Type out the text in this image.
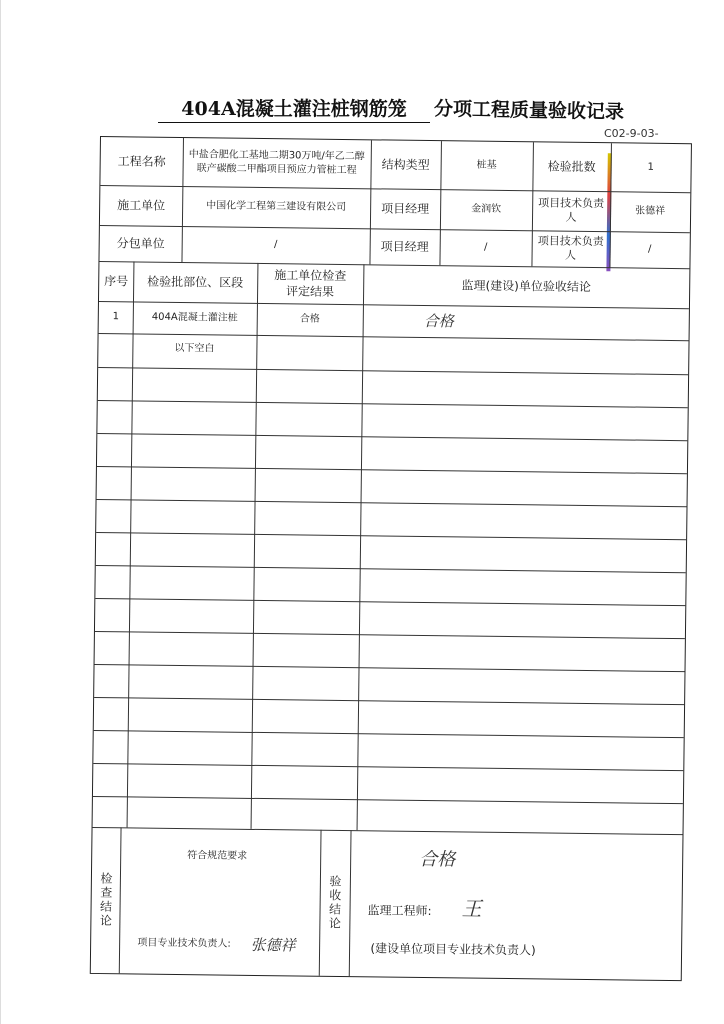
404A混凝土灌注桩钢筋笼	分项工程质量验收记录
C02-9-03-
工程名称	中盐合肥化工基地二期30万吨/年乙二醇联产碳酸二甲酯项目预应力管桩工程	结构类型	桩基	检验批数	1
施工单位	中国化学工程第三建设有限公司	项目经理	金润钦	项目技术负责人	张德祥
分包单位	/	项目经理	/	项目技术负责人	/
序号	检验批部位、区段	施工单位检查评定结果	监理(建设)单位验收结论
1	404A混凝土灌注桩	合格	合格
以下空白
检查结论
符合规范要求
项目专业技术负责人:	张德祥
验收结论
合格
监理工程师:	王
(建设单位项目专业技术负责人)
